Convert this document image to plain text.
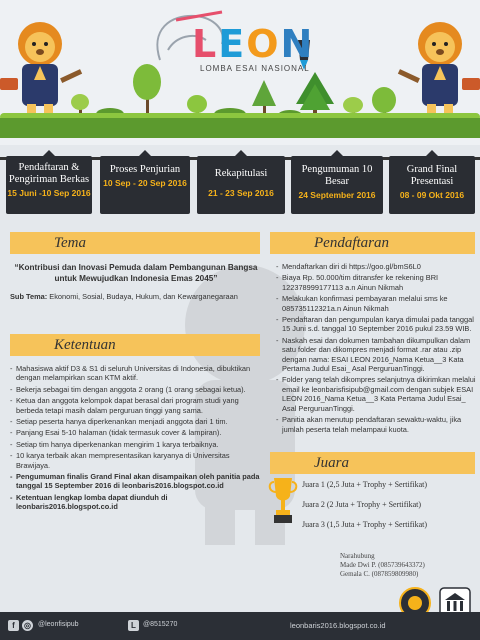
LEON
LOMBA ESAI NASIONAL
Pendaftaran & Pengiriman Berkas
15 Juni -10 Sep 2016
Proses Penjurian
10 Sep - 20 Sep 2016
Rekapitulasi
21 - 23 Sep 2016
Pengumuman 10 Besar
24 September 2016
Grand Final Presentasi
08 - 09 Okt 2016
Tema

“Kontribusi dan Inovasi Pemuda dalam Pembangunan Bangsa untuk Mewujudkan Indonesia Emas 2045”

Sub Tema: Ekonomi, Sosial, Budaya, Hukum, dan Kewarganegaraan

Ketentuan
- Mahasiswa aktif D3 & S1 di seluruh Universitas di Indonesia, dibuktikan dengan melampirkan scan KTM aktif.
- Bekerja sebagai tim dengan anggota 2 orang (1 orang sebagai ketua).
- Ketua dan anggota kelompok dapat berasal dari program studi yang berbeda tetapi masih dalam perguruan tinggi yang sama.
- Setiap peserta hanya diperkenankan menjadi anggota dari 1 tim.
- Panjang Esai 5-10 halaman (tidak termasuk cover & lampiran).
- Setiap tim hanya diperkenankan mengirim 1 karya terbaiknya.
- 10 karya terbaik akan mempresentasikan karyanya di Universitas Brawijaya.
- Pengumuman finalis Grand Final akan disampaikan oleh panitia pada tanggal 15 September 2016 di leonbaris2016.blogspot.co.id
- Ketentuan lengkap lomba dapat diunduh di leonbaris2016.blogspot.co.id
Pendaftaran
- Mendaftarkan diri di https://goo.gl/bmS6L0
- Biaya Rp. 50.000/tim ditransfer ke rekening BRI 122378999177113 a.n Ainun Nikmah
- Melakukan konfirmasi pembayaran melalui sms ke 085735112321a.n Ainun Nikmah
- Pendaftaran dan pengumpulan karya dimulai pada tanggal 15 Juni s.d. tanggal 10 September 2016 pukul 23.59 WIB.
- Naskah esai dan dokumen tambahan dikumpulkan dalam satu folder dan dikompres menjadi format .rar atau .zip dengan nama: ESAI LEON 2016_Nama Ketua__3 Kata Pertama Judul Esai_ Asal PerguruanTinggi.
- Folder yang telah dikompres selanjutnya dikirimkan melalui email ke leonbarisfisipub@gmail.com dengan subjek ESAI LEON 2016_Nama Ketua__3 Kata Pertama Judul Esai_ Asal PerguruanTinggi.
- Panitia akan menutup pendaftaran sewaktu-waktu, jika jumlah peserta telah melampaui kuota.
Juara
Juara 1 (2,5 Juta + Trophy + Sertifikat)
Juara 2 (2 Juta + Trophy + Sertifikat)
Juara 3 (1,5 Juta + Trophy + Sertifikat)
Narahubung
Made Dwi P. (085739643372)
Gemala C. (087859809980)
f	◎ @leonfisipub	L	@8515270	leonbaris2016.blogspot.co.id
